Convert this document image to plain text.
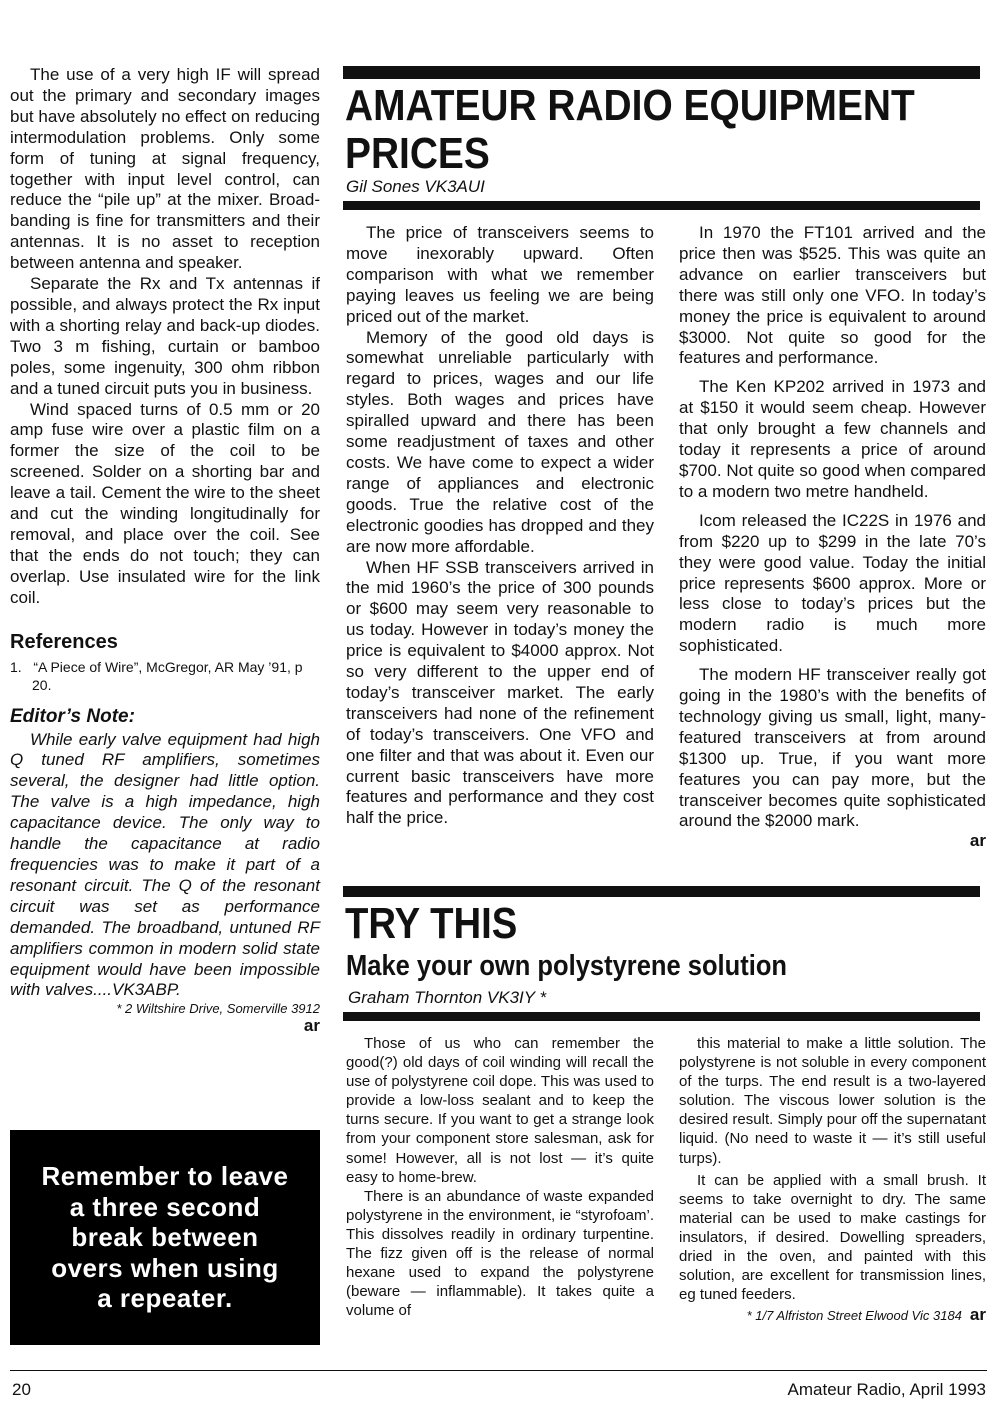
The use of a very high IF will spread out the primary and secondary images but have absolutely no effect on reducing intermodulation problems. Only some form of tuning at signal frequency, together with input level control, can reduce the “pile up” at the mixer. Broad-banding is fine for transmitters and their antennas. It is no asset to reception between antenna and speaker.

Separate the Rx and Tx antennas if possible, and always protect the Rx input with a shorting relay and back-up diodes. Two 3 m fishing, curtain or bamboo poles, some ingenuity, 300 ohm ribbon and a tuned circuit puts you in business.

Wind spaced turns of 0.5 mm or 20 amp fuse wire over a plastic film on a former the size of the coil to be screened. Solder on a shorting bar and leave a tail. Cement the wire to the sheet and cut the winding longitudinally for removal, and place over the coil. See that the ends do not touch; they can overlap. Use insulated wire for the link coil.

References
1.   “A Piece of Wire”, McGregor, AR May ’91, p 20.
Editor’s Note:

While early valve equipment had high Q tuned RF amplifiers, sometimes several, the designer had little option. The valve is a high impedance, high capacitance device. The only way to handle the capacitance at radio frequencies was to make it part of a resonant circuit. The Q of the resonant circuit was set as performance demanded. The broadband, untuned RF amplifiers common in modern solid state equipment would have been impossible with valves....VK3ABP.

* 2 Wiltshire Drive, Somerville 3912
ar
Remember to leave
a three second
break between
overs when using
a repeater.
AMATEUR RADIO EQUIPMENT
PRICES
Gil Sones VK3AUI

The price of transceivers seems to move inexorably upward. Often comparison with what we remember paying leaves us feeling we are being priced out of the market.

Memory of the good old days is somewhat unreliable particularly with regard to prices, wages and our life styles. Both wages and prices have spiralled upward and there has been some readjustment of taxes and other costs. We have come to expect a wider range of appliances and electronic goods. True the relative cost of the electronic goodies has dropped and they are now more affordable.

When HF SSB transceivers arrived in the mid 1960’s the price of 300 pounds or $600 may seem very reasonable to us today. However in today’s money the price is equivalent to $4000 approx. Not so very different to the upper end of today’s transceiver market. The early transceivers had none of the refinement of today’s transceivers. One VFO and one filter and that was about it. Even our current basic transceivers have more features and performance and they cost half the price.

In 1970 the FT101 arrived and the price then was $525. This was quite an advance on earlier transceivers but there was still only one VFO. In today’s money the price is equivalent to around $3000. Not quite so good for the features and performance.

The Ken KP202 arrived in 1973 and at $150 it would seem cheap. However that only brought a few channels and today it represents a price of around $700. Not quite so good when compared to a modern two metre handheld.

Icom released the IC22S in 1976 and from $220 up to $299 in the late 70’s they were good value. Today the initial price represents $600 approx. More or less close to today’s prices but the modern radio is much more sophisticated.

The modern HF transceiver really got going in the 1980’s with the benefits of technology giving us small, light, many-featured transceivers at from around $1300 up. True, if you want more features you can pay more, but the transceiver becomes quite sophisticated around the $2000 mark.

ar
TRY THIS
Make your own polystyrene solution
Graham Thornton VK3IY *

Those of us who can remember the good(?) old days of coil winding will recall the use of polystyrene coil dope. This was used to provide a low-loss sealant and to keep the turns secure. If you want to get a strange look from your component store salesman, ask for some! However, all is not lost — it’s quite easy to home-brew.

There is an abundance of waste expanded polystyrene in the environment, ie “styrofoam’. This dissolves readily in ordinary turpentine. The fizz given off is the release of normal hexane used to expand the polystyrene (beware — inflammable). It takes quite a volume of

this material to make a little solution. The polystyrene is not soluble in every component of the turps. The end result is a two-layered solution. The viscous lower solution is the desired result. Simply pour off the supernatant liquid. (No need to waste it — it’s still useful turps).

It can be applied with a small brush. It seems to take overnight to dry. The same material can be used to make castings for insulators, if desired. Dowelling spreaders, dried in the oven, and painted with this solution, are excellent for transmission lines, eg tuned feeders.

* 1/7 Alfriston Street Elwood Vic 3184 ar
20	Amateur Radio, April 1993
